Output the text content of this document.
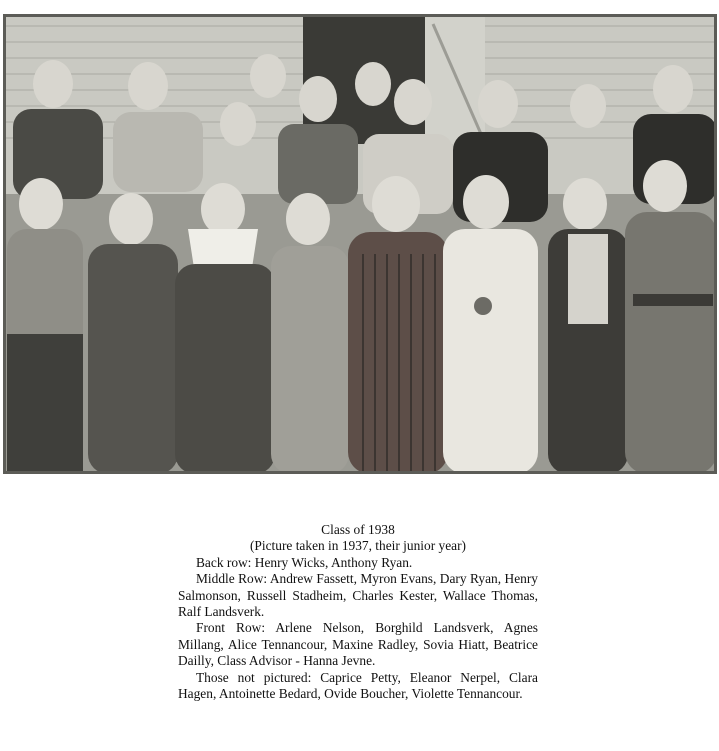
Class of 1938
(Picture taken in 1937, their junior year)
Back row: Henry Wicks, Anthony Ryan.
Middle Row: Andrew Fassett, Myron Evans, Dary Ryan, Henry Salmonson, Russell Stadheim, Charles Kester, Wallace Thomas, Ralf Landsverk.
Front Row: Arlene Nelson, Borghild Landsverk, Agnes Millang, Alice Tennancour, Maxine Radley, Sovia Hiatt, Beatrice Dailly, Class Advisor - Hanna Jevne.
Those not pictured: Caprice Petty, Eleanor Nerpel, Clara Hagen, Antoinette Bedard, Ovide Boucher, Violette Tennancour.
